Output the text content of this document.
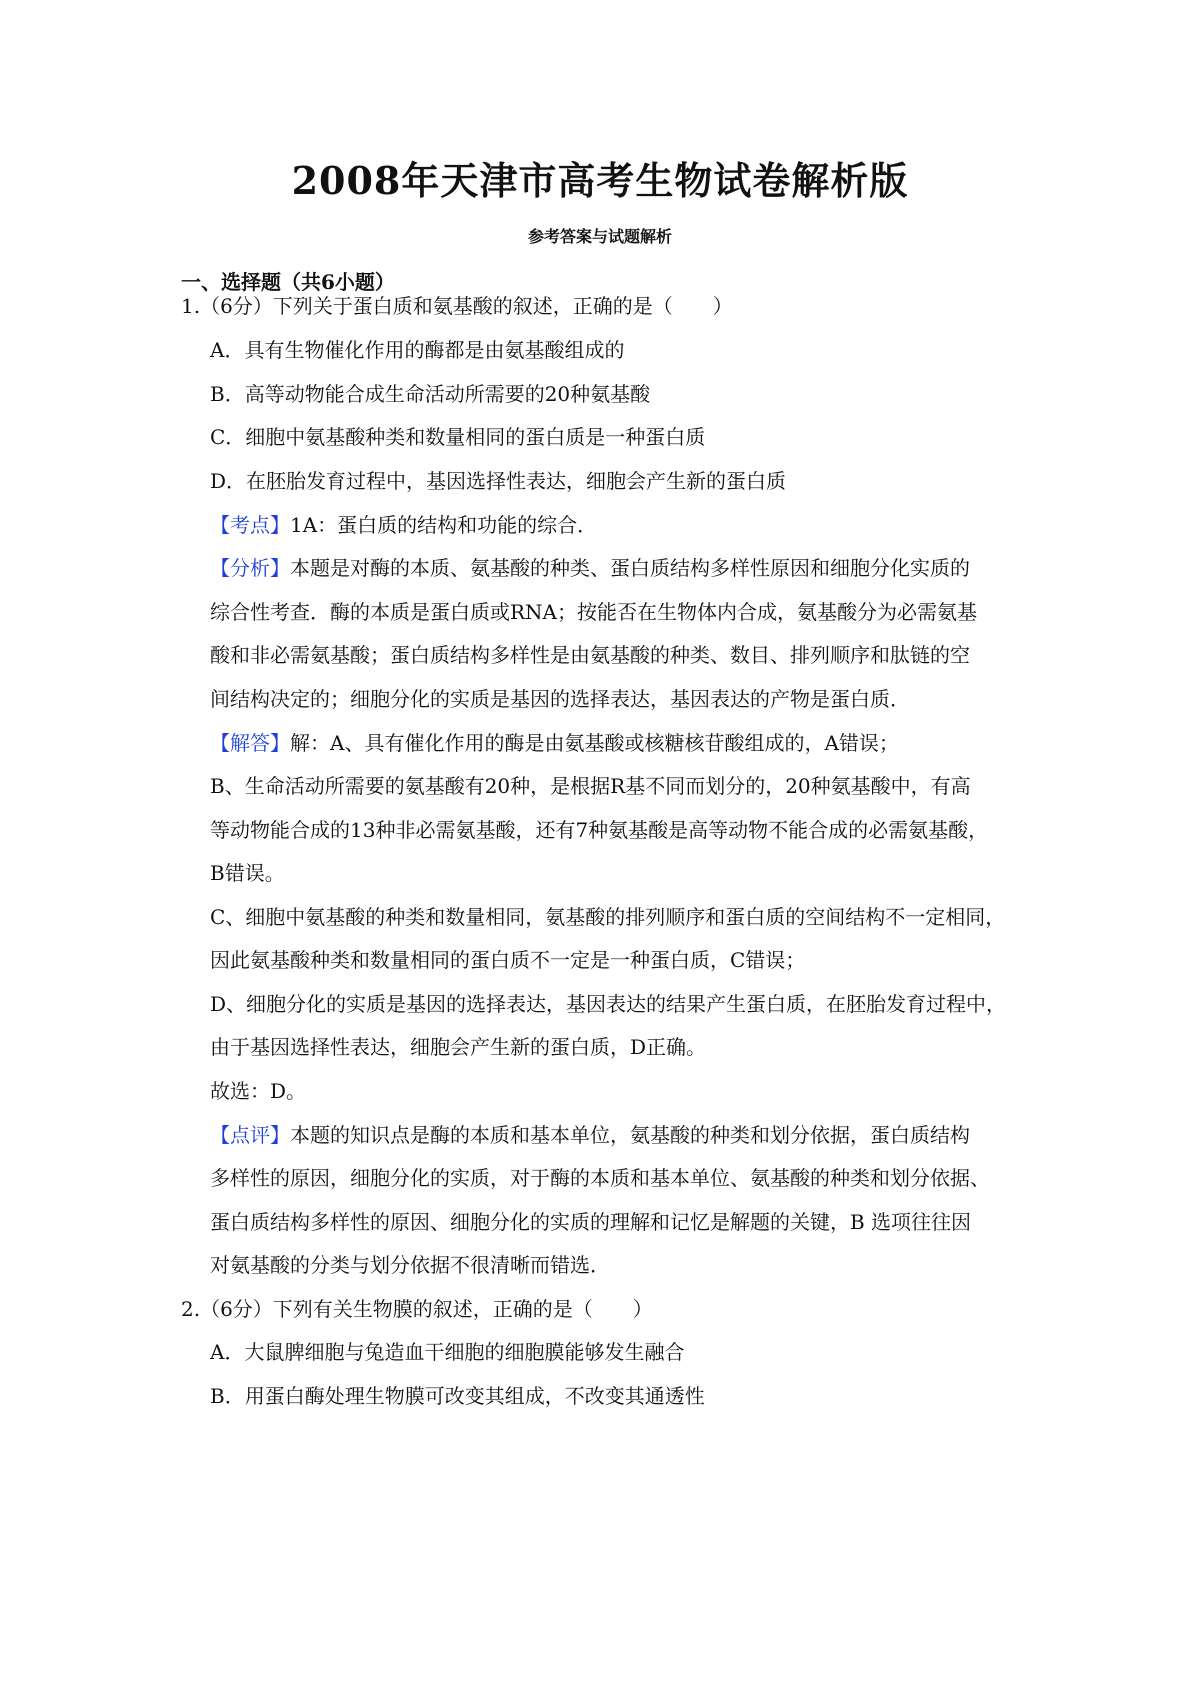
2008年天津市高考生物试卷解析版
参考答案与试题解析
一、选择题（共6小题）
1.（6分）下列关于蛋白质和氨基酸的叙述，正确的是（　　）
A．具有生物催化作用的酶都是由氨基酸组成的
B．高等动物能合成生命活动所需要的20种氨基酸
C．细胞中氨基酸种类和数量相同的蛋白质是一种蛋白质
D．在胚胎发育过程中，基因选择性表达，细胞会产生新的蛋白质
【考点】1A：蛋白质的结构和功能的综合．
【分析】本题是对酶的本质、氨基酸的种类、蛋白质结构多样性原因和细胞分化实质的
综合性考查．酶的本质是蛋白质或RNA；按能否在生物体内合成，氨基酸分为必需氨基
酸和非必需氨基酸；蛋白质结构多样性是由氨基酸的种类、数目、排列顺序和肽链的空
间结构决定的；细胞分化的实质是基因的选择表达，基因表达的产物是蛋白质．
【解答】解：A、具有催化作用的酶是由氨基酸或核糖核苷酸组成的，A错误；
B、生命活动所需要的氨基酸有20种，是根据R基不同而划分的，20种氨基酸中，有高
等动物能合成的13种非必需氨基酸，还有7种氨基酸是高等动物不能合成的必需氨基酸，
B错误。
C、细胞中氨基酸的种类和数量相同，氨基酸的排列顺序和蛋白质的空间结构不一定相同，
因此氨基酸种类和数量相同的蛋白质不一定是一种蛋白质，C错误；
D、细胞分化的实质是基因的选择表达，基因表达的结果产生蛋白质，在胚胎发育过程中，
由于基因选择性表达，细胞会产生新的蛋白质，D正确。
故选：D。
【点评】本题的知识点是酶的本质和基本单位，氨基酸的种类和划分依据，蛋白质结构
多样性的原因，细胞分化的实质，对于酶的本质和基本单位、氨基酸的种类和划分依据、
蛋白质结构多样性的原因、细胞分化的实质的理解和记忆是解题的关键，B 选项往往因
对氨基酸的分类与划分依据不很清晰而错选．
2.（6分）下列有关生物膜的叙述，正确的是（　　）
A．大鼠脾细胞与兔造血干细胞的细胞膜能够发生融合
B．用蛋白酶处理生物膜可改变其组成，不改变其通透性
